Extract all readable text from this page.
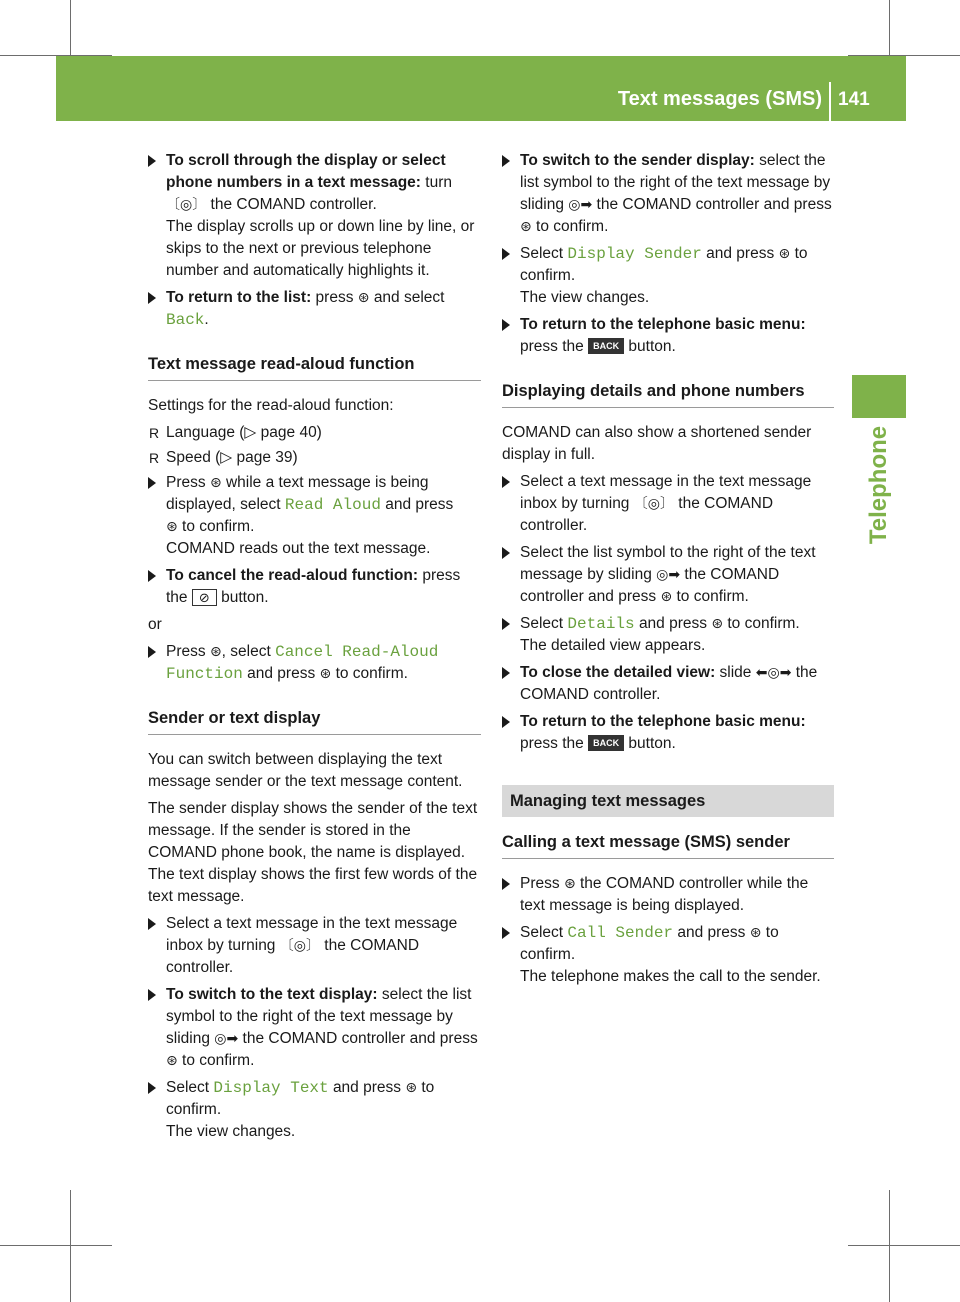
Text messages (SMS) 141
Telephone
To scroll through the display or select phone numbers in a text message: turn
〔◎〕 the COMAND controller.
The display scrolls up or down line by line, or skips to the next or previous telephone number and automatically highlights it.
To return to the list: press ⊛ and select
Back.
Text message read-aloud function
Settings for the read-aloud function:
R Language (▷ page 40)
R Speed (▷ page 39)
Press ⊛ while a text message is being displayed, select Read Aloud and press
⊛ to confirm.
COMAND reads out the text message.
To cancel the read-aloud function: press the ⊘ button.
or
Press ⊛, select Cancel Read-Aloud Function and press ⊛ to confirm.
Sender or text display
You can switch between displaying the text message sender or the text message content.
The sender display shows the sender of the text message. If the sender is stored in the COMAND phone book, the name is displayed. The text display shows the first few words of the text message.
Select a text message in the text message inbox by turning 〔◎〕 the COMAND controller.
To switch to the text display: select the list symbol to the right of the text message by sliding ◎➡ the COMAND controller and press ⊛ to confirm.
Select Display Text and press ⊛ to confirm.
The view changes.
To switch to the sender display: select the list symbol to the right of the text message by sliding ◎➡ the COMAND controller and press ⊛ to confirm.
Select Display Sender and press ⊛ to confirm.
The view changes.
To return to the telephone basic menu:
press the BACK button.
Displaying details and phone numbers
COMAND can also show a shortened sender display in full.
Select a text message in the text message inbox by turning 〔◎〕 the COMAND controller.
Select the list symbol to the right of the text message by sliding ◎➡ the COMAND controller and press ⊛ to confirm.
Select Details and press ⊛ to confirm.
The detailed view appears.
To close the detailed view: slide ⬅◎➡ the COMAND controller.
To return to the telephone basic menu:
press the BACK button.
Managing text messages
Calling a text message (SMS) sender
Press ⊛ the COMAND controller while the text message is being displayed.
Select Call Sender and press ⊛ to confirm.
The telephone makes the call to the sender.
